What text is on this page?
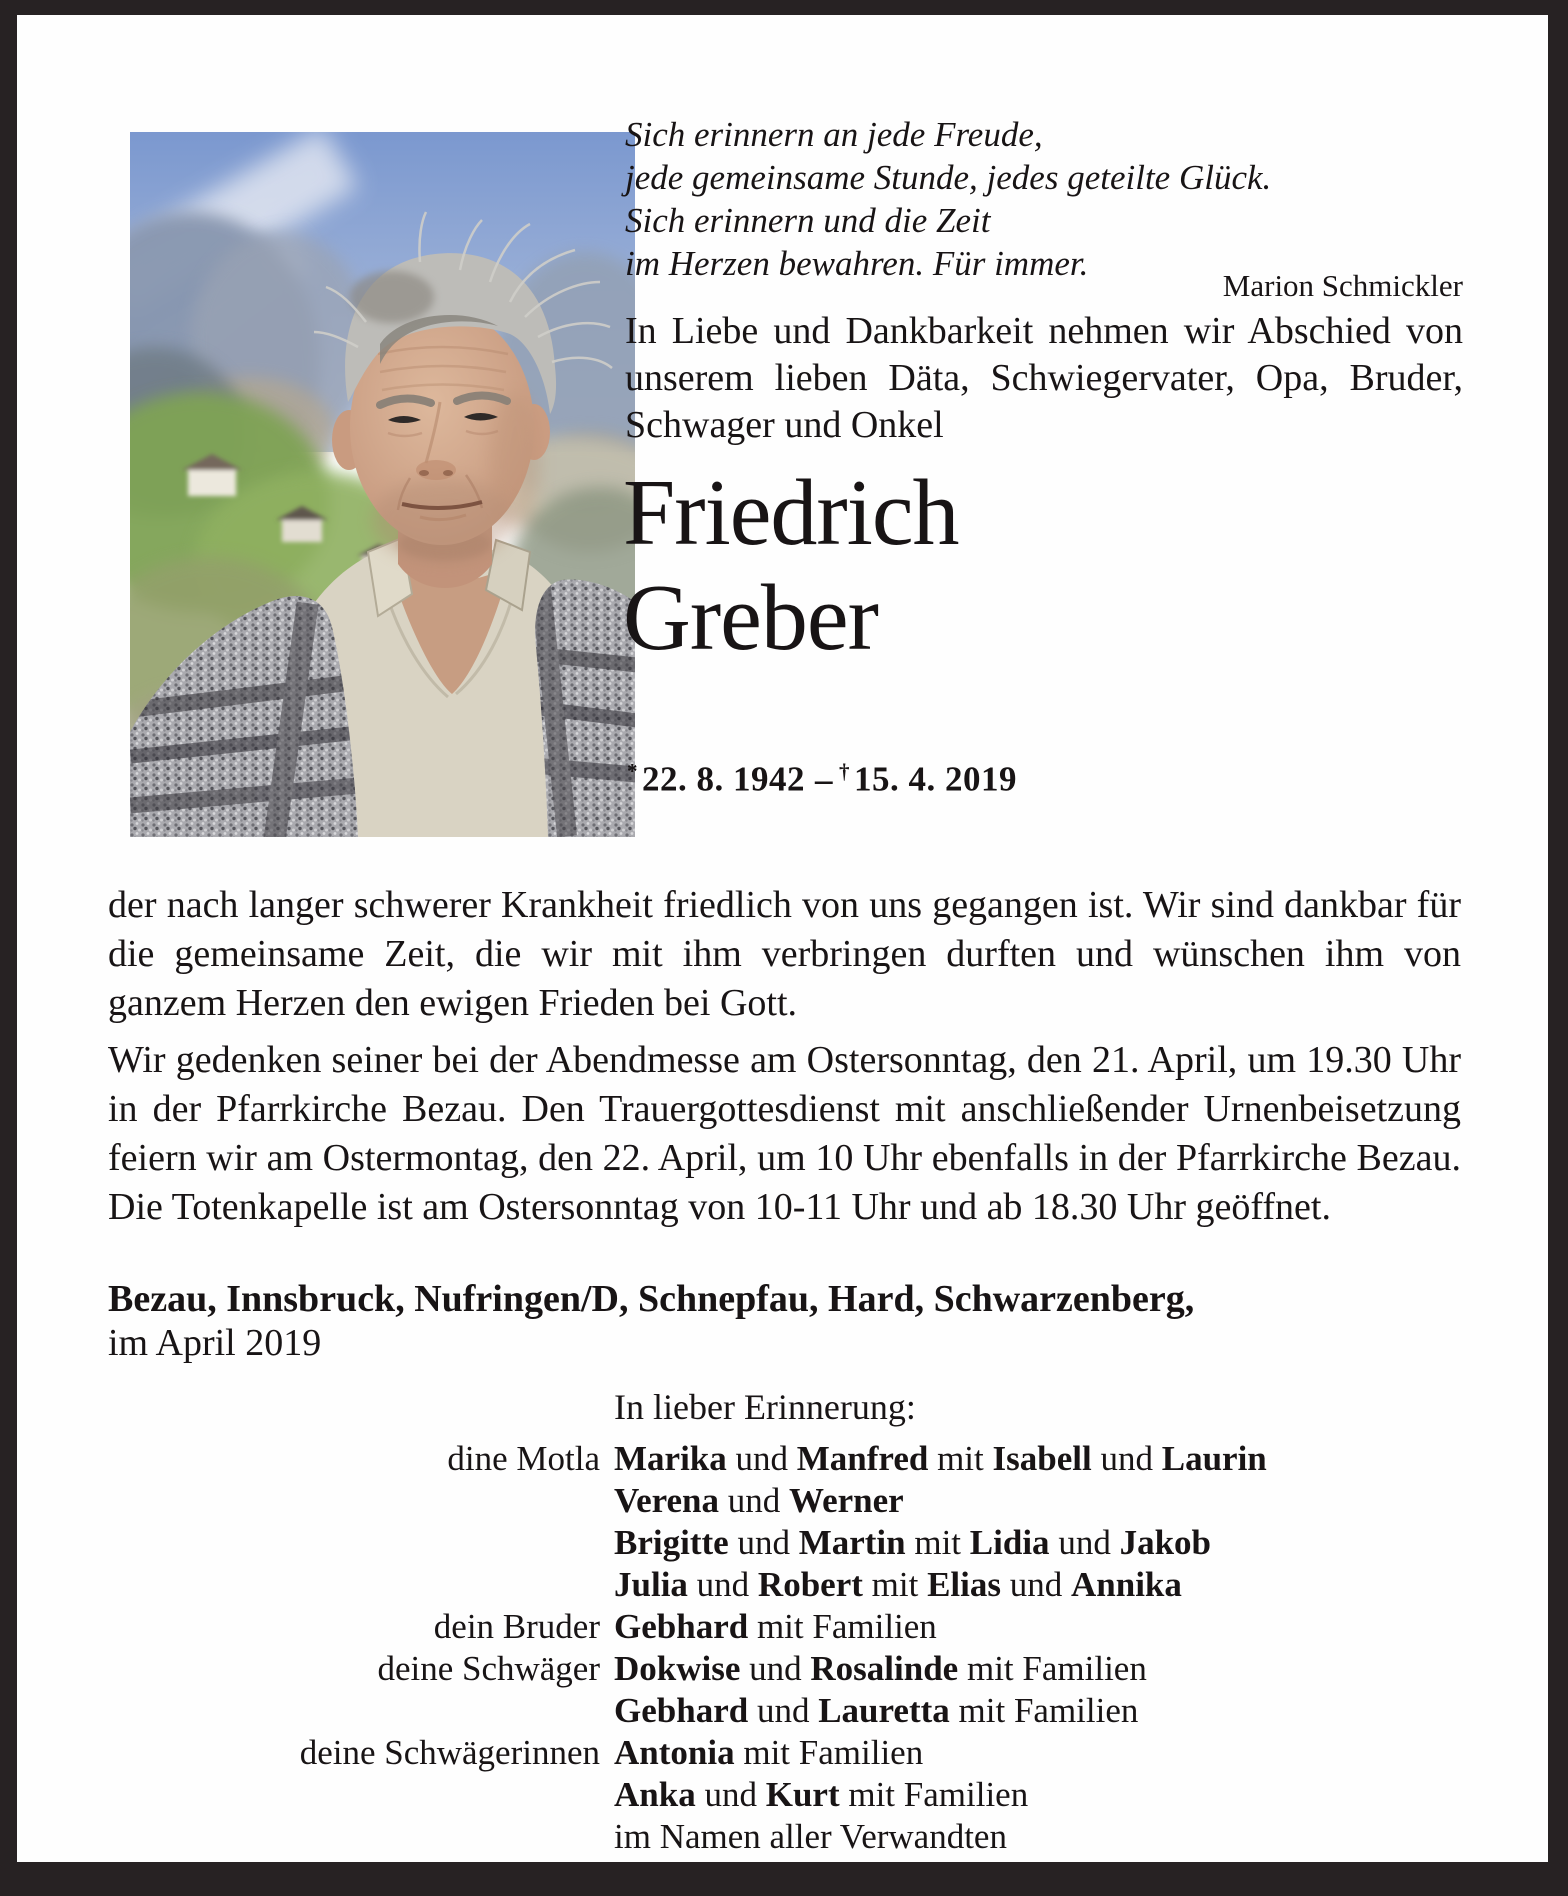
Sich erinnern an jede Freude,
jede gemeinsame Stunde, jedes geteilte Glück.
Sich erinnern und die Zeit
im Herzen bewahren. Für immer.
Marion Schmickler
In Liebe und Dankbarkeit nehmen wir Abschied von unserem lieben Däta, Schwiegervater, Opa, Bruder, Schwager und Onkel
Friedrich
Greber
* 22. 8. 1942 – † 15. 4. 2019
der nach langer schwerer Krankheit friedlich von uns gegangen ist. Wir sind dankbar für die gemeinsame Zeit, die wir mit ihm verbringen durften und wünschen ihm von ganzem Herzen den ewigen Frieden bei Gott.
Wir gedenken seiner bei der Abendmesse am Ostersonntag, den 21. April, um 19.30 Uhr in der Pfarrkirche Bezau. Den Trauergottesdienst mit anschließender Urnenbeisetzung feiern wir am Ostermontag, den 22. April, um 10 Uhr ebenfalls in der Pfarrkirche Bezau. Die Totenkapelle ist am Ostersonntag von 10-11 Uhr und ab 18.30 Uhr geöffnet.
Bezau, Innsbruck, Nufringen/D, Schnepfau, Hard, Schwarzenberg,
im April 2019
In lieber Erinnerung:
dine Motla Marika und Manfred mit Isabell und Laurin
Verena und Werner
Brigitte und Martin mit Lidia und Jakob
Julia und Robert mit Elias und Annika
dein Bruder Gebhard mit Familien
deine Schwäger Dokwise und Rosalinde mit Familien
Gebhard und Lauretta mit Familien
deine Schwägerinnen Antonia mit Familien
Anka und Kurt mit Familien
im Namen aller Verwandten
